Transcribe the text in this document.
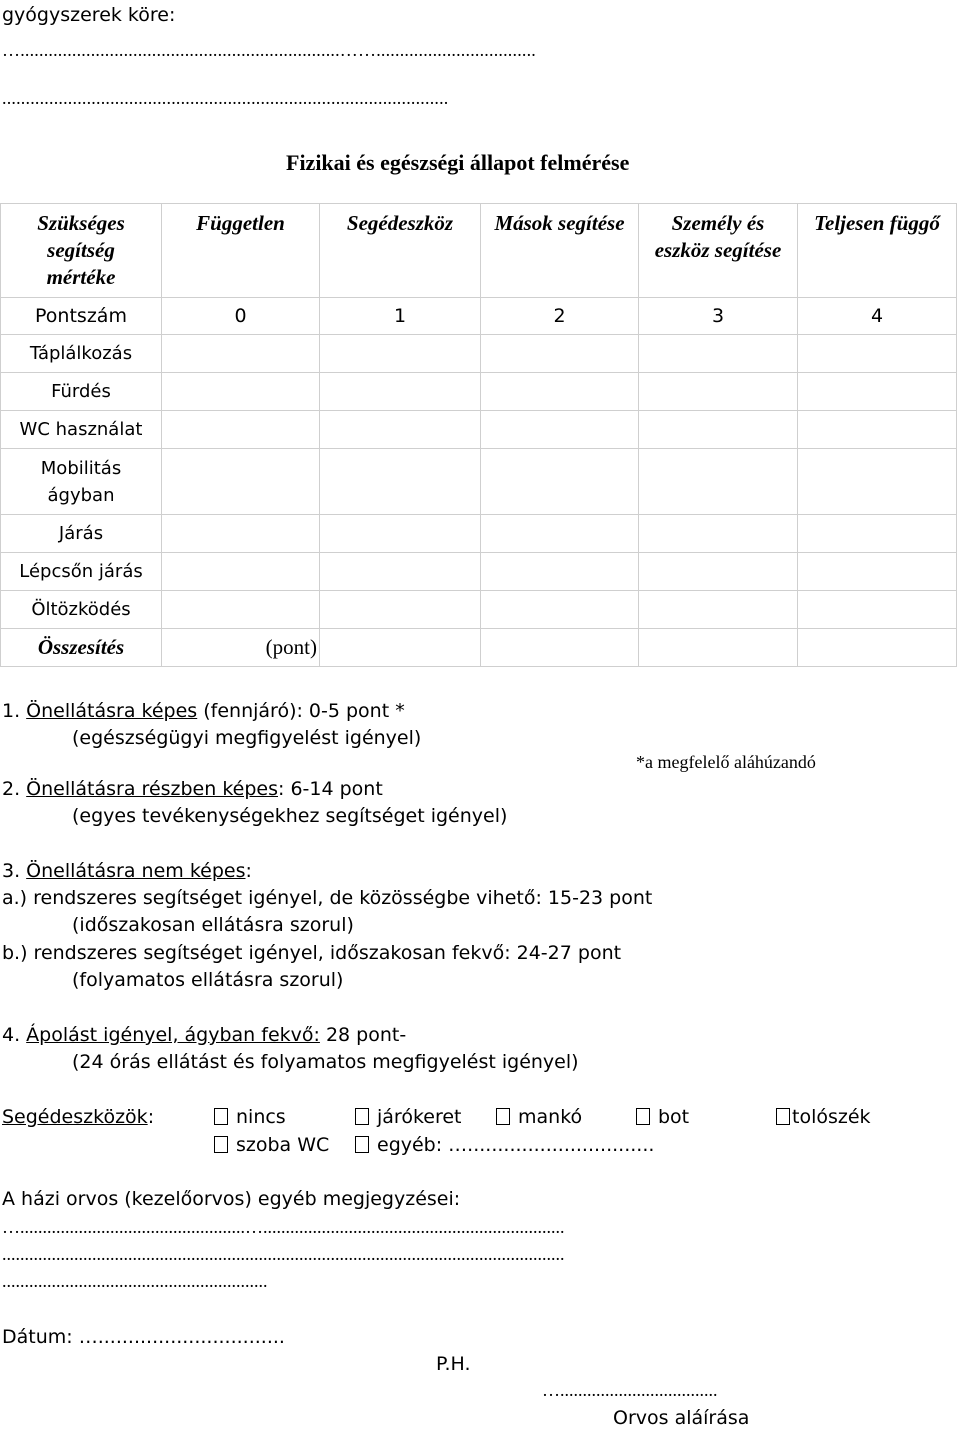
gyógyszerek köre:
…....................................................................……..................................
...............................................................................................
Fizikai és egészségi állapot felmérése
Szükséges segítség mértéke	Független	Segédeszköz	Mások segítése	Személy és eszköz segítése	Teljesen függő
Pontszám	0	1	2	3	4
Táplálkozás					
Fürdés					
WC használat					

Mobilitás ágyban					

Járás					
Lépcsőn járás					
Öltözködés					
Összesítés	(pont)				
1. Önellátásra képes (fennjáró): 0-5 pont *
(egészségügyi megfigyelést igényel)
*a megfelelő aláhúzandó
2. Önellátásra részben képes: 6-14 pont
(egyes tevékenységekhez segítséget igényel)
3. Önellátásra nem képes:
a.) rendszeres segítséget igényel, de közösségbe vihető: 15-23 pont
(időszakosan ellátásra szorul)
b.) rendszeres segítséget igényel, időszakosan fekvő: 24-27 pont
(folyamatos ellátásra szorul)
4. Ápolást igényel, ágyban fekvő: 28 pont-
(24 órás ellátást és folyamatos megfigyelést igényel)
Segédeszközök:	nincs	járókeret	mankó	bot	tolószék
szoba WC	egyéb: …...............................
A házi orvos (kezelőorvos) egyéb megjegyzései:
…..................................................…...................................................................
.............................................................................................................................
...........................................................
Dátum: …...............................
P.H.
…...................................
Orvos aláírása
